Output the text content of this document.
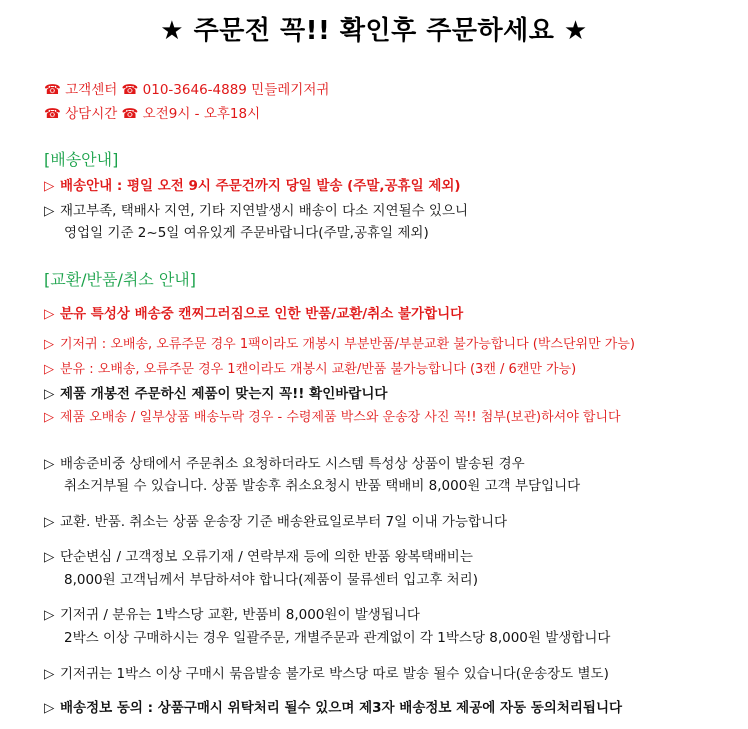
★ 주문전 꼭!! 확인후 주문하세요 ★
☎ 고객센터 ☎ 010-3646-4889 민들레기저귀
☎ 상담시간 ☎ 오전9시 - 오후18시
[배송안내]
▷ 배송안내 : 평일 오전 9시 주문건까지 당일 발송 (주말,공휴일 제외)
▷ 재고부족, 택배사 지연, 기타 지연발생시 배송이 다소 지연될수 있으니
영업일 기준 2~5일 여유있게 주문바랍니다(주말,공휴일 제외)
[교환/반품/취소 안내]
▷ 분유 특성상 배송중 캔찌그러짐으로 인한 반품/교환/취소 불가합니다
▷ 기저귀 : 오배송, 오류주문 경우 1팩이라도 개봉시 부분반품/부분교환 불가능합니다 (박스단위만 가능)
▷ 분유 : 오배송, 오류주문 경우 1캔이라도 개봉시 교환/반품 불가능합니다 (3캔 / 6캔만 가능)
▷ 제품 개봉전 주문하신 제품이 맞는지 꼭!! 확인바랍니다
▷ 제품 오배송 / 일부상품 배송누락 경우 - 수령제품 박스와 운송장 사진 꼭!! 첨부(보관)하셔야 합니다
▷ 배송준비중 상태에서 주문취소 요청하더라도 시스템 특성상 상품이 발송된 경우
취소거부될 수 있습니다. 상품 발송후 취소요청시 반품 택배비 8,000원 고객 부담입니다
▷ 교환. 반품. 취소는 상품 운송장 기준 배송완료일로부터 7일 이내 가능합니다
▷ 단순변심 / 고객정보 오류기재 / 연락부재 등에 의한 반품 왕복택배비는
8,000원 고객님께서 부담하셔야 합니다(제품이 물류센터 입고후 처리)
▷ 기저귀 / 분유는 1박스당 교환, 반품비 8,000원이 발생됩니다
2박스 이상 구매하시는 경우 일괄주문, 개별주문과 관계없이 각 1박스당 8,000원 발생합니다
▷ 기저귀는 1박스 이상 구매시 묶음발송 불가로 박스당 따로 발송 될수 있습니다(운송장도 별도)
▷ 배송정보 동의 : 상품구매시 위탁처리 될수 있으며 제3자 배송정보 제공에 자동 동의처리됩니다
